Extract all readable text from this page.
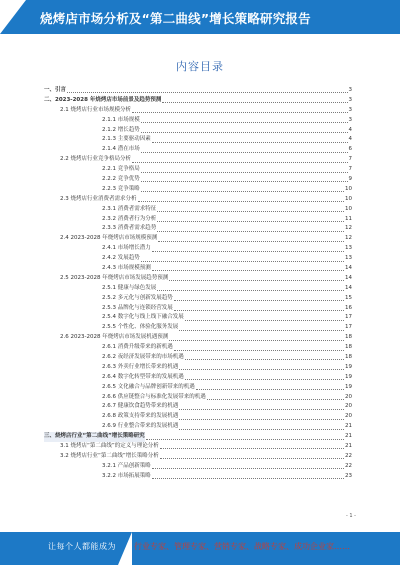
烧烤店市场分析及“第二曲线”增长策略研究报告
内容目录
一、引言	3
二、2023-2028 年烧烤店市场前景及趋势预测	3
2.1 烧烤店行业市场规模分析	3
2.1.1 市场规模	3
2.1.2 增长趋势	4
2.1.3 主要驱动因素	4
2.1.4 潜在市场	6
2.2 烧烤店行业竞争格局分析	7
2.2.1 竞争格局	7
2.2.2 竞争优势	9
2.2.3 竞争策略	10
2.3 烧烤店行业消费者需求分析	10
2.3.1 消费者需求特征	10
2.3.2 消费者行为分析	11
2.3.3 消费者需求趋势	12
2.4 2023-2028 年烧烤店市场规模预测	12
2.4.1 市场增长潜力	13
2.4.2 发展趋势	13
2.4.3 市场规模预测	14
2.5 2023-2028 年烧烤店市场发展趋势预测	14
2.5.1 健康与绿色发展	14
2.5.2 多元化与创新发展趋势	15
2.5.3 品牌化与连锁经营发展	16
2.5.4 数字化与线上线下融合发展	17
2.5.5 个性化、体验化服务发展	17
2.6 2023-2028 年烧烤店市场发展机遇预测	18
2.6.1 消费升级带来的新机遇	18
2.6.2 夜经济发展带来的市场机遇	18
2.6.3 外卖行业增长带来的机遇	19
2.6.4 数字化转型带来的发展机遇	19
2.6.5 文化融合与品牌创新带来的机遇	19
2.6.6 供应链整合与标准化发展带来的机遇	20
2.6.7 健康饮食趋势带来的机遇	20
2.6.8 政策支持带来的发展机遇	20
2.6.9 行业整合带来的发展机遇	21
三、烧烤店行业“第二曲线”增长策略研究	21
3.1 烧烤店“第二曲线”的定义与理论分析	21
3.2 烧烤店行业“第二曲线”增长策略分析	22
3.2.1 产品创新策略	22
3.2.2 市场拓展策略	23
- 1 -
让每个人都能成为 行业专家、管理专家、营销专家、战略专家、成功企业家……
